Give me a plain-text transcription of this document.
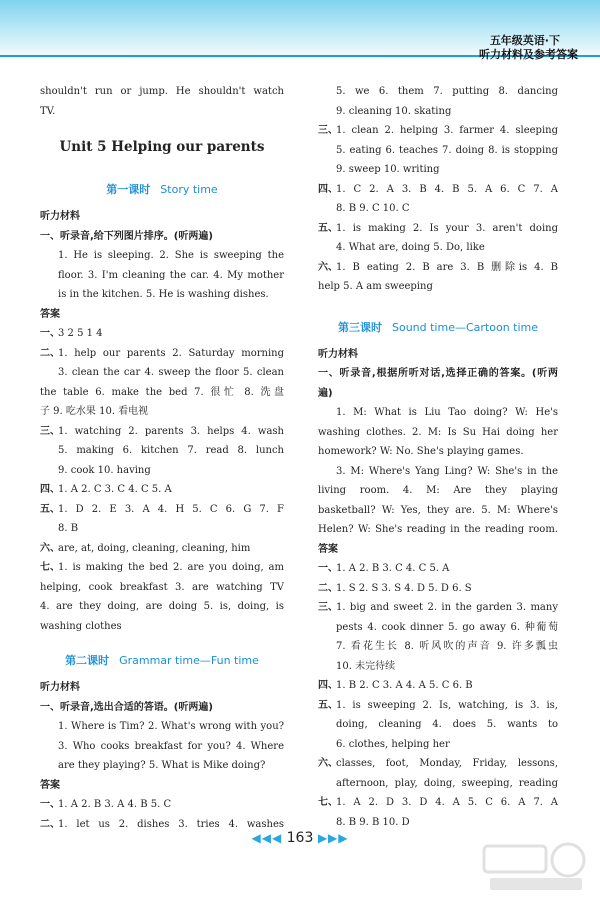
五年级英语·下
听力材料及参考答案
shouldn't run or jump. He shouldn't watch
TV.
Unit 5 Helping our parents
第一课时 Story time
听力材料
一、听录音,给下列图片排序。(听两遍)
1. He is sleeping. 2. She is sweeping the
floor. 3. I'm cleaning the car. 4. My mother
is in the kitchen. 5. He is washing dishes.
答案
一、
3 2 5 1 4
二、
1. help our parents 2. Saturday morning
3. clean the car 4. sweep the floor 5. clean
the table 6. make the bed 7. 很忙 8. 洗盘
子 9. 吃水果 10. 看电视
三、
1. watching 2. parents 3. helps 4. wash
5. making 6. kitchen 7. read 8. lunch
9. cook 10. having
四、
1. A 2. C 3. C 4. C 5. A
五、
1. D 2. E 3. A 4. H 5. C 6. G 7. F
8. B
六、
are, at, doing, cleaning, cleaning, him
七、
1. is making the bed 2. are you doing, am
helping, cook breakfast 3. are watching TV
4. are they doing, are doing 5. is, doing, is
washing clothes
第二课时 Grammar time—Fun time
听力材料
一、听录音,选出合适的答语。(听两遍)
1. Where is Tim? 2. What's wrong with you?
3. Who cooks breakfast for you? 4. Where
are they playing? 5. What is Mike doing?
答案
一、
1. A 2. B 3. A 4. B 5. C
二、
1. let us 2. dishes 3. tries 4. washes
5. we 6. them 7. putting 8. dancing
9. cleaning 10. skating
三、
1. clean 2. helping 3. farmer 4. sleeping
5. eating 6. teaches 7. doing 8. is stopping
9. sweep 10. writing
四、
1. C 2. A 3. B 4. B 5. A 6. C 7. A
8. B 9. C 10. C
五、
1. is making 2. Is your 3. aren't doing
4. What are, doing 5. Do, like
六、
1. B eating 2. B are 3. B 删除is 4. B
help 5. A am sweeping
第三课时 Sound time—Cartoon time
听力材料
一、听录音,根据所听对话,选择正确的答案。(听两
遍)
1. M: What is Liu Tao doing? W: He's
washing clothes. 2. M: Is Su Hai doing her
homework? W: No. She's playing games.
3. M: Where's Yang Ling? W: She's in the
living room. 4. M: Are they playing
basketball? W: Yes, they are. 5. M: Where's
Helen? W: She's reading in the reading room.
答案
一、
1. A 2. B 3. C 4. C 5. A
二、
1. S 2. S 3. S 4. D 5. D 6. S
三、
1. big and sweet 2. in the garden 3. many
pests 4. cook dinner 5. go away 6. 种葡萄
7. 看花生长 8. 听风吹的声音 9. 许多瓢虫
10. 未完待续
四、
1. B 2. C 3. A 4. A 5. C 6. B
五、
1. is sweeping 2. Is, watching, is 3. is,
doing, cleaning 4. does 5. wants to
6. clothes, helping her
六、
classes, foot, Monday, Friday, lessons,
afternoon, play, doing, sweeping, reading
七、
1. A 2. D 3. D 4. A 5. C 6. A 7. A
8. B 9. B 10. D
◀◀◀ 163 ▶▶▶
